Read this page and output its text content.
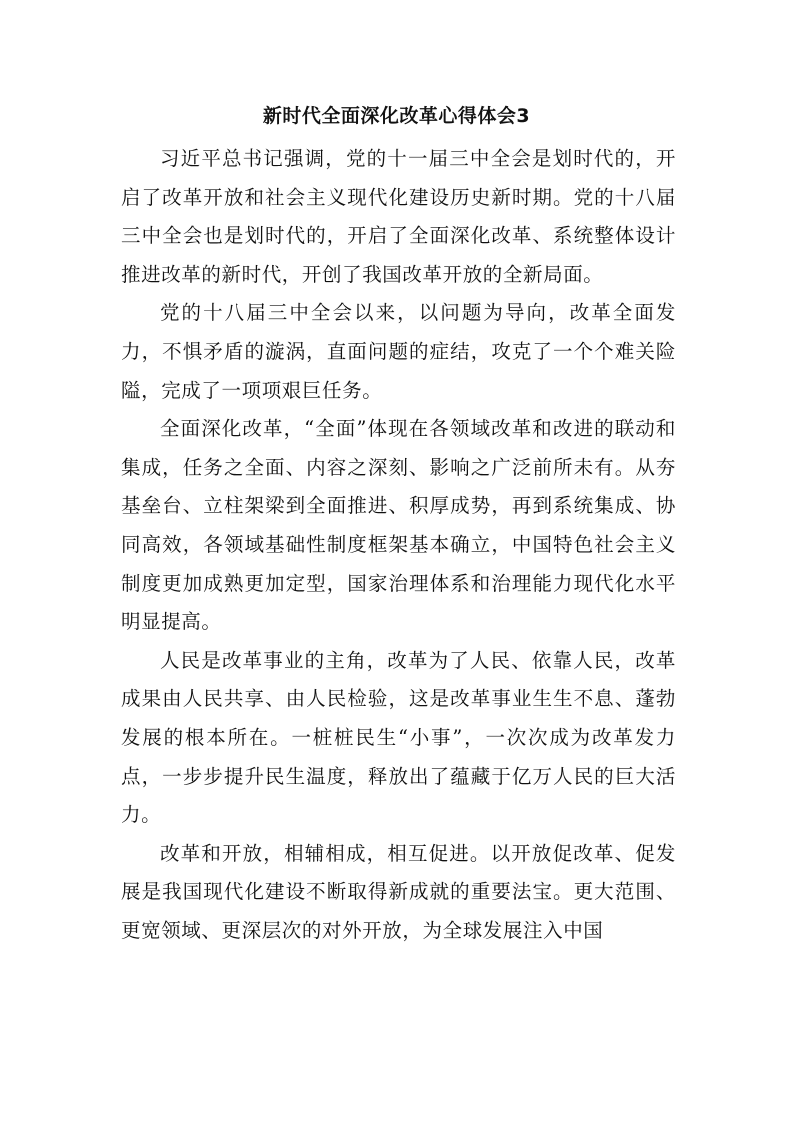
新时代全面深化改革心得体会3

习近平总书记强调，党的十一届三中全会是划时代的，开启了改革开放和社会主义现代化建设历史新时期。党的十八届三中全会也是划时代的，开启了全面深化改革、系统整体设计推进改革的新时代，开创了我国改革开放的全新局面。

党的十八届三中全会以来，以问题为导向，改革全面发力，不惧矛盾的漩涡，直面问题的症结，攻克了一个个难关险隘，完成了一项项艰巨任务。

全面深化改革，“全面”体现在各领域改革和改进的联动和集成，任务之全面、内容之深刻、影响之广泛前所未有。从夯基垒台、立柱架梁到全面推进、积厚成势，再到系统集成、协同高效，各领域基础性制度框架基本确立，中国特色社会主义制度更加成熟更加定型，国家治理体系和治理能力现代化水平明显提高。

人民是改革事业的主角，改革为了人民、依靠人民，改革成果由人民共享、由人民检验，这是改革事业生生不息、蓬勃发展的根本所在。一桩桩民生“小事”，一次次成为改革发力点，一步步提升民生温度，释放出了蕴藏于亿万人民的巨大活力。

改革和开放，相辅相成，相互促进。以开放促改革、促发展是我国现代化建设不断取得新成就的重要法宝。更大范围、更宽领域、更深层次的对外开放，为全球发展注入中国
